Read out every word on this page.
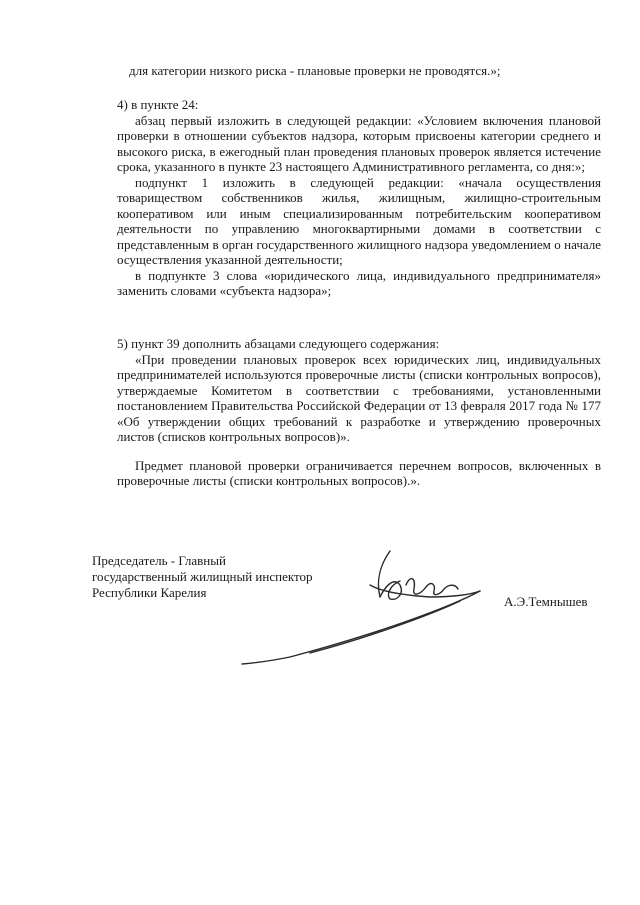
для категории низкого риска - плановые проверки не проводятся.»;

4) в пункте 24:

абзац первый изложить в следующей редакции: «Условием включения плановой проверки в отношении субъектов надзора, которым присвоены категории среднего и высокого риска, в ежегодный план проведения плановых проверок является истечение срока, указанного в пункте 23 настоящего Административного регламента, со дня:»;

подпункт 1 изложить в следующей редакции: «начала осуществления товариществом собственников жилья, жилищным, жилищно-строительным кооперативом или иным специализированным потребительским кооперативом деятельности по управлению многоквартирными домами в соответствии с представленным в орган государственного жилищного надзора уведомлением о начале осуществления указанной деятельности;

в подпункте 3 слова «юридического лица, индивидуального предпринимателя» заменить словами «субъекта надзора»;

5) пункт 39 дополнить абзацами следующего содержания:

«При проведении плановых проверок всех юридических лиц, индивидуальных предпринимателей используются проверочные листы (списки контрольных вопросов), утверждаемые Комитетом в соответствии с требованиями, установленными постановлением Правительства Российской Федерации от 13 февраля 2017 года № 177 «Об утверждении общих требований к разработке и утверждению проверочных листов (списков контрольных вопросов)».

Предмет плановой проверки ограничивается перечнем вопросов, включенных в проверочные листы (списки контрольных вопросов).».

Председатель - Главный
государственный жилищный инспектор
Республики Карелия
А.Э.Темнышев
